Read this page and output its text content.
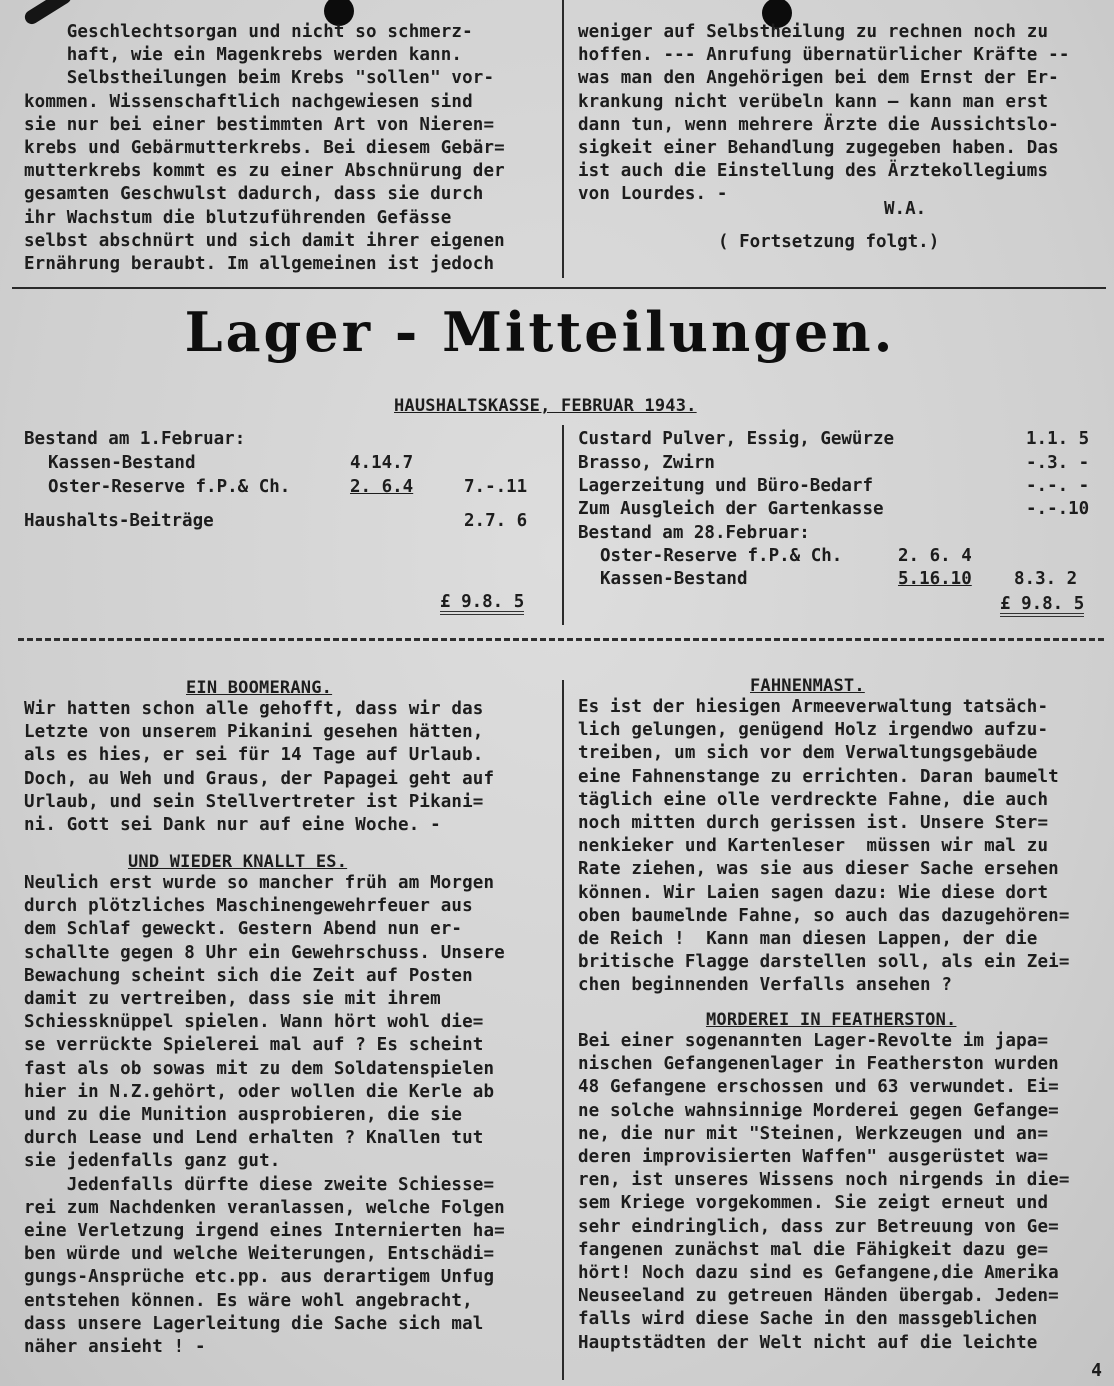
Geschlechtsorgan und nicht so schmerz-

haft, wie ein Magenkrebs werden kann.

Selbstheilungen beim Krebs "sollen" vor-

kommen. Wissenschaftlich nachgewiesen sind

sie nur bei einer bestimmten Art von Nieren=

krebs und Gebärmutterkrebs. Bei diesem Gebär=

mutterkrebs kommt es zu einer Abschnürung der

gesamten Geschwulst dadurch, dass sie durch

ihr Wachstum die blutzuführenden Gefässe

selbst abschnürt und sich damit ihrer eigenen

Ernährung beraubt. Im allgemeinen ist jedoch

weniger auf Selbstheilung zu rechnen noch zu

hoffen. --- Anrufung übernatürlicher Kräfte --

was man den Angehörigen bei dem Ernst der Er-

krankung nicht verübeln kann — kann man erst

dann tun, wenn mehrere Ärzte die Aussichtslo-

sigkeit einer Behandlung zugegeben haben. Das

ist auch die Einstellung des Ärztekollegiums

von Lourdes. -

W.A.
( Fortsetzung folgt.)
Lager - Mitteilungen.
HAUSHALTSKASSE, FEBRUAR 1943.
Bestand am 1.Februar:
Kassen-Bestand	4.14.7
Oster-Reserve f.P.& Ch.	2. 6.4	7.-.11
Haushalts-Beiträge	2.7. 6
£ 9.8. 5
Custard Pulver, Essig, Gewürze	1.1. 5
Brasso, Zwirn	-.3. -
Lagerzeitung und Büro-Bedarf	-.-. -
Zum Ausgleich der Gartenkasse	-.-.10
Bestand am 28.Februar:
Oster-Reserve f.P.& Ch.	2. 6. 4
Kassen-Bestand	5.16.10 8.3. 2
£ 9.8. 5
EIN BOOMERANG.

Wir hatten schon alle gehofft, dass wir das

Letzte von unserem Pikanini gesehen hätten,

als es hies, er sei für 14 Tage auf Urlaub.

Doch, au Weh und Graus, der Papagei geht auf

Urlaub, und sein Stellvertreter ist Pikani=

ni. Gott sei Dank nur auf eine Woche. -

UND WIEDER KNALLT ES.

Neulich erst wurde so mancher früh am Morgen

durch plötzliches Maschinengewehrfeuer aus

dem Schlaf geweckt. Gestern Abend nun er-

schallte gegen 8 Uhr ein Gewehrschuss. Unsere

Bewachung scheint sich die Zeit auf Posten

damit zu vertreiben, dass sie mit ihrem

Schiessknüppel spielen. Wann hört wohl die=

se verrückte Spielerei mal auf ? Es scheint

fast als ob sowas mit zu dem Soldatenspielen

hier in N.Z.gehört, oder wollen die Kerle ab

und zu die Munition ausprobieren, die sie

durch Lease und Lend erhalten ? Knallen tut

sie jedenfalls ganz gut.

Jedenfalls dürfte diese zweite Schiesse=

rei zum Nachdenken veranlassen, welche Folgen

eine Verletzung irgend eines Internierten ha=

ben würde und welche Weiterungen, Entschädi=

gungs-Ansprüche etc.pp. aus derartigem Unfug

entstehen können. Es wäre wohl angebracht,

dass unsere Lagerleitung die Sache sich mal

näher ansieht ! -

FAHNENMAST.

Es ist der hiesigen Armeeverwaltung tatsäch-

lich gelungen, genügend Holz irgendwo aufzu-

treiben, um sich vor dem Verwaltungsgebäude

eine Fahnenstange zu errichten. Daran baumelt

täglich eine olle verdreckte Fahne, die auch

noch mitten durch gerissen ist. Unsere Ster=

nenkieker und Kartenleser  müssen wir mal zu

Rate ziehen, was sie aus dieser Sache ersehen

können. Wir Laien sagen dazu: Wie diese dort

oben baumelnde Fahne, so auch das dazugehören=

de Reich !  Kann man diesen Lappen, der die

britische Flagge darstellen soll, als ein Zei=

chen beginnenden Verfalls ansehen ?

MORDEREI IN FEATHERSTON.

Bei einer sogenannten Lager-Revolte im japa=

nischen Gefangenenlager in Featherston wurden

48 Gefangene erschossen und 63 verwundet. Ei=

ne solche wahnsinnige Morderei gegen Gefange=

ne, die nur mit "Steinen, Werkzeugen und an=

deren improvisierten Waffen" ausgerüstet wa=

ren, ist unseres Wissens noch nirgends in die=

sem Kriege vorgekommen. Sie zeigt erneut und

sehr eindringlich, dass zur Betreuung von Ge=

fangenen zunächst mal die Fähigkeit dazu ge=

hört! Noch dazu sind es Gefangene,die Amerika

Neuseeland zu getreuen Händen übergab. Jeden=

falls wird diese Sache in den massgeblichen

Hauptstädten der Welt nicht auf die leichte

4
